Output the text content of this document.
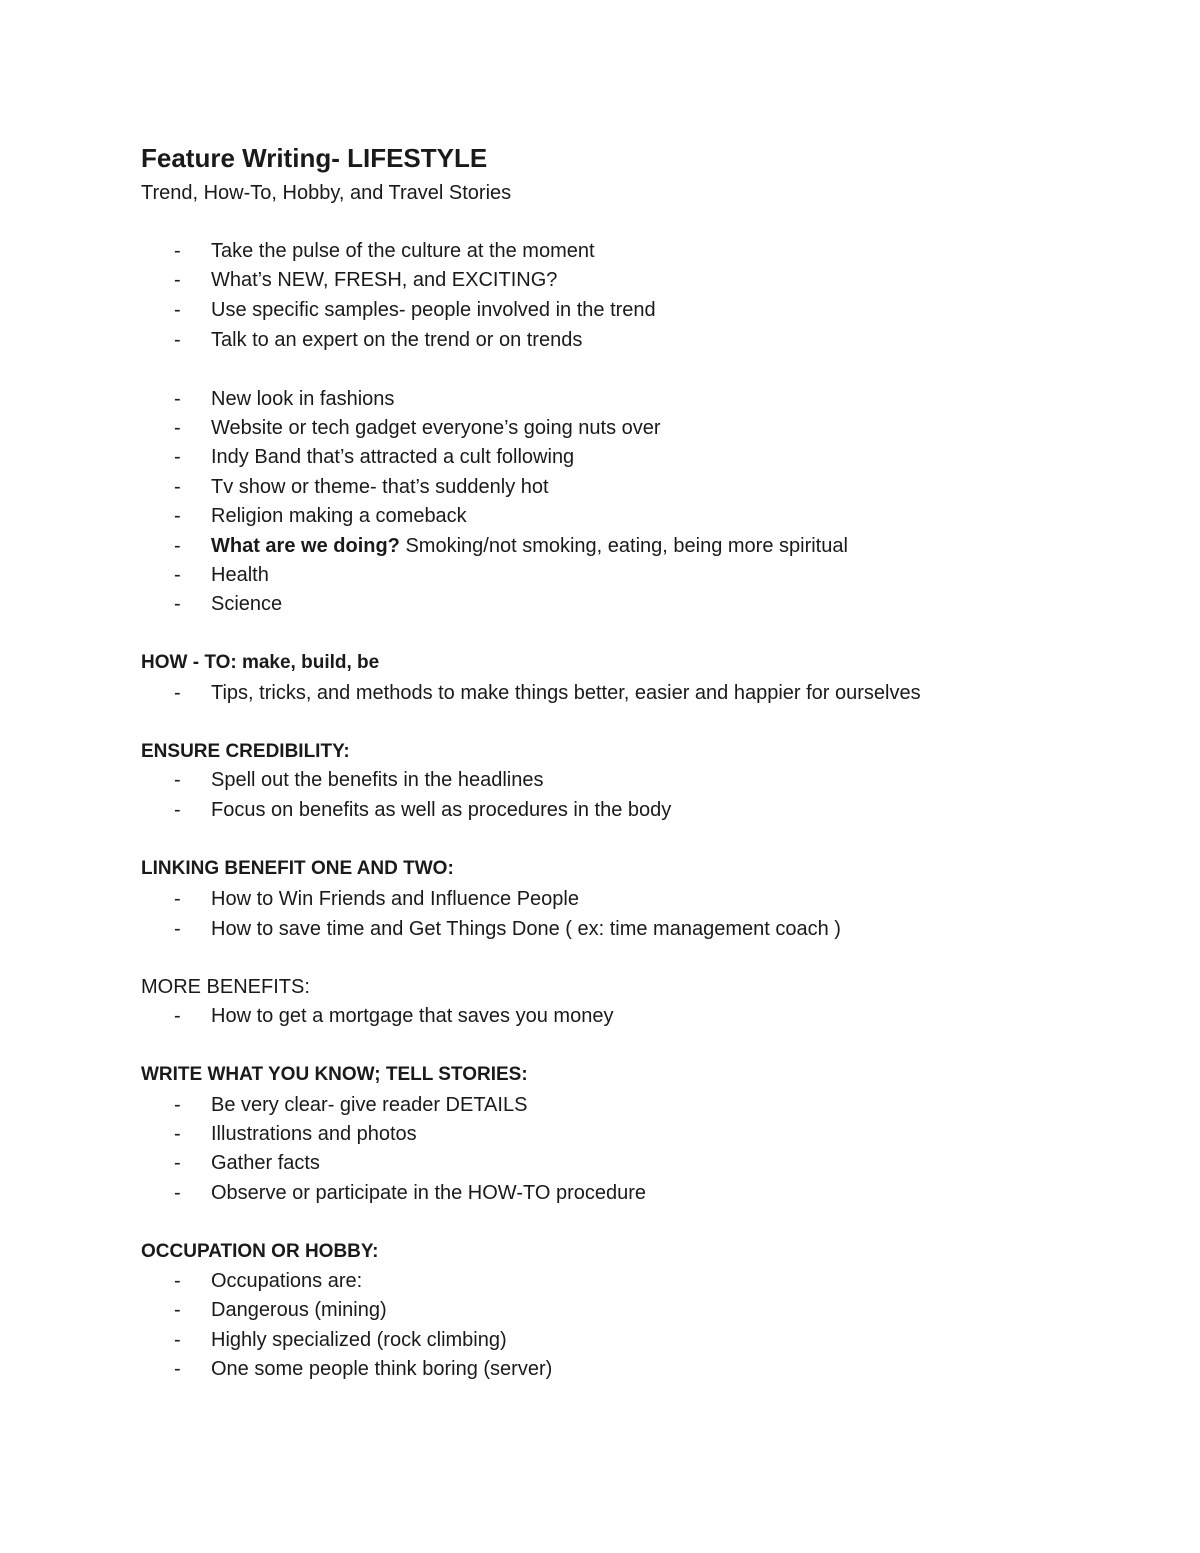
Feature Writing- LIFESTYLE
Trend, How-To, Hobby, and Travel Stories
- Take the pulse of the culture at the moment
- What’s NEW, FRESH, and EXCITING?
- Use specific samples- people involved in the trend
- Talk to an expert on the trend or on trends
- New look in fashions
- Website or tech gadget everyone’s going nuts over
- Indy Band that’s attracted a cult following
- Tv show or theme- that’s suddenly hot
- Religion making a comeback
- What are we doing? Smoking/not smoking, eating, being more spiritual
- Health
- Science
HOW - TO: make, build, be
- Tips, tricks, and methods to make things better, easier and happier for ourselves
ENSURE CREDIBILITY:
- Spell out the benefits in the headlines
- Focus on benefits as well as procedures in the body
LINKING BENEFIT ONE AND TWO:
- How to Win Friends and Influence People
- How to save time and Get Things Done ( ex: time management coach )
MORE BENEFITS:
- How to get a mortgage that saves you money
WRITE WHAT YOU KNOW; TELL STORIES:
- Be very clear- give reader DETAILS
- Illustrations and photos
- Gather facts
- Observe or participate in the HOW-TO procedure
OCCUPATION OR HOBBY:
- Occupations are:
- Dangerous (mining)
- Highly specialized (rock climbing)
- One some people think boring (server)
